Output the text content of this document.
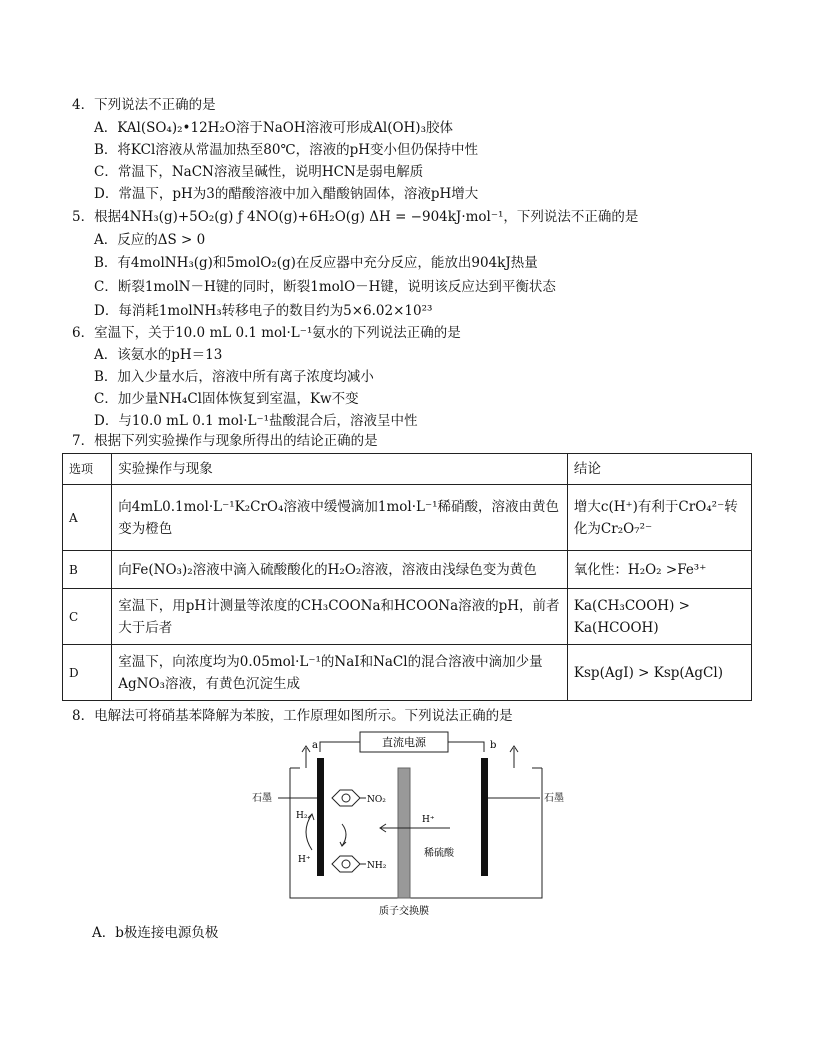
4．下列说法不正确的是
A．KAl(SO₄)₂•12H₂O溶于NaOH溶液可形成Al(OH)₃胶体
B．将KCl溶液从常温加热至80℃，溶液的pH变小但仍保持中性
C．常温下，NaCN溶液呈碱性，说明HCN是弱电解质
D．常温下，pH为3的醋酸溶液中加入醋酸钠固体，溶液pH增大
5．根据4NH₃(g)+5O₂(g) ƒ 4NO(g)+6H₂O(g) ΔH = −904kJ·mol⁻¹，下列说法不正确的是
A．反应的ΔS > 0
B．有4molNH₃(g)和5molO₂(g)在反应器中充分反应，能放出904kJ热量
C．断裂1molN－H键的同时，断裂1molO－H键，说明该反应达到平衡状态
D．每消耗1molNH₃转移电子的数目约为5×6.02×10²³
6．室温下，关于10.0 mL 0.1 mol·L⁻¹氨水的下列说法正确的是
A．该氨水的pH＝13
B．加入少量水后，溶液中所有离子浓度均减小
C．加少量NH₄Cl固体恢复到室温，Kw不变
D．与10.0 mL 0.1 mol·L⁻¹盐酸混合后，溶液呈中性
7．根据下列实验操作与现象所得出的结论正确的是
选项	实验操作与现象	结论
A	向4mL0.1mol·L⁻¹K₂CrO₄溶液中缓慢滴加1mol·L⁻¹稀硝酸，溶液由黄色变为橙色	增大c(H⁺)有利于CrO₄²⁻转化为Cr₂O₇²⁻
B	向Fe(NO₃)₂溶液中滴入硫酸酸化的H₂O₂溶液，溶液由浅绿色变为黄色	氧化性：H₂O₂ >Fe³⁺
C	室温下，用pH计测量等浓度的CH₃COONa和HCOONa溶液的pH，前者大于后者	Ka(CH₃COOH) > Ka(HCOOH)
D	室温下，向浓度均为0.05mol·L⁻¹的NaI和NaCl的混合溶液中滴加少量AgNO₃溶液，有黄色沉淀生成	Ksp(AgI) > Ksp(AgCl)
8．电解法可将硝基苯降解为苯胺，工作原理如图所示。下列说法正确的是
直流电源
a	b
石墨	石墨
NO₂
NH₂
H₂
H⁺
H⁺
稀硫酸
质子交换膜
A．b极连接电源负极
